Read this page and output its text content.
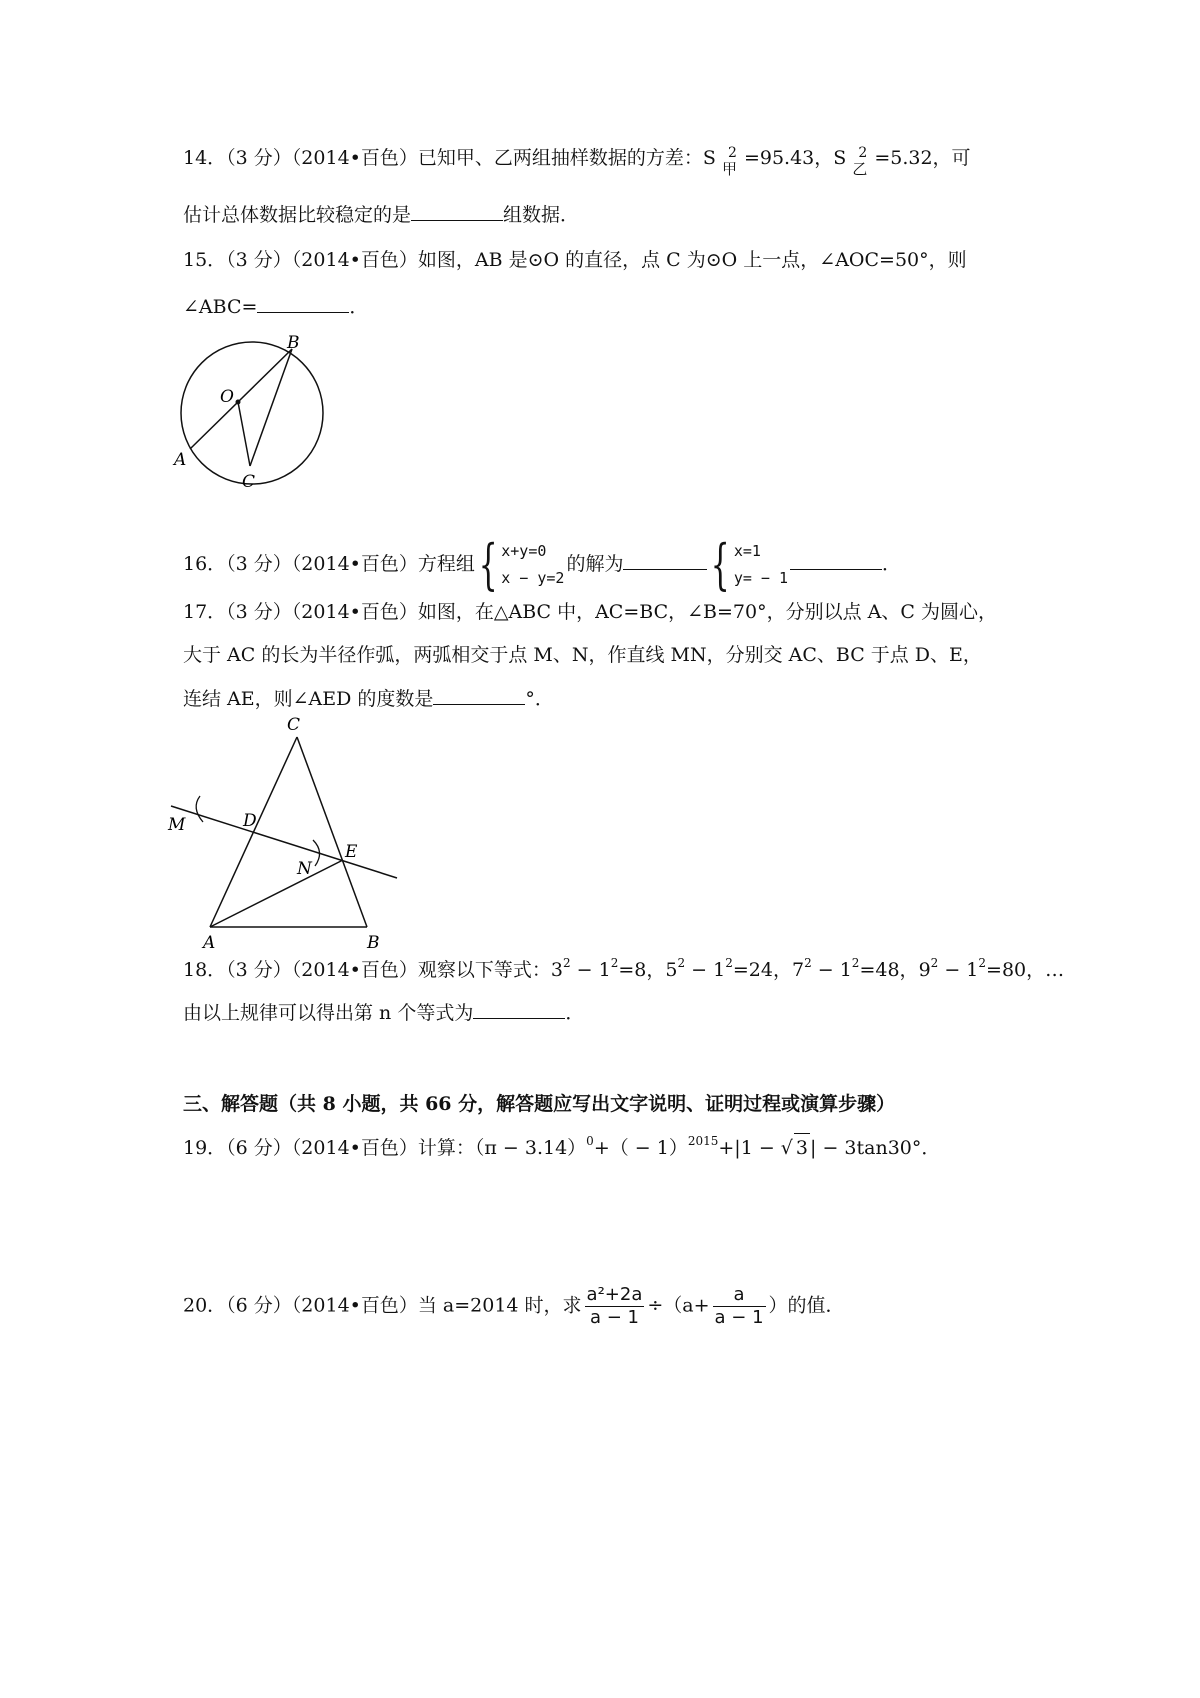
14．（3 分）（2014•百色）已知甲、乙两组抽样数据的方差：S 2
甲 =95.43，S 2
乙 =5.32，可
估计总体数据比较稳定的是	组数据．
15．（3 分）（2014•百色）如图，AB 是⊙O 的直径，点 C 为⊙O 上一点，∠AOC=50°，则
∠ABC=	．
O
B
A
C
16．（3 分）（2014•百色）方程组{ x+y=0
x − y=2
的解为 { x=1
y= − 1
．
17．（3 分）（2014•百色）如图，在△ABC 中，AC=BC，∠B=70°，分别以点 A、C 为圆心，
大于 AC 的长为半径作弧，两弧相交于点 M、N，作直线 MN，分别交 AC、BC 于点 D、E，
连结 AE，则∠AED 的度数是	°．
C
M	D
N
E
A	B
18．（3 分）（2014•百色）观察以下等式：$3^2 - 1^2=8$，$5^2 - 1^2=24$，$7^2 - 1^2=48$，$9^2 - 1^2=80$，…
由以上规律可以得出第 n 个等式为	．
三、解答题（共 8 小题，共 66 分，解答题应写出文字说明、证明过程或演算步骤）
19．（6 分）（2014•百色）计算：$(\pi - 3.14)^0+( - 1)^{2015}+|1$ − √ 3 | − 3tan30°．
20．（6 分）（2014•百色）当 a=2014 时，求 $\frac{\text{a²+2a}}{a - 1} \div(a+ \frac{a}{a - 1}$ ）的值．
